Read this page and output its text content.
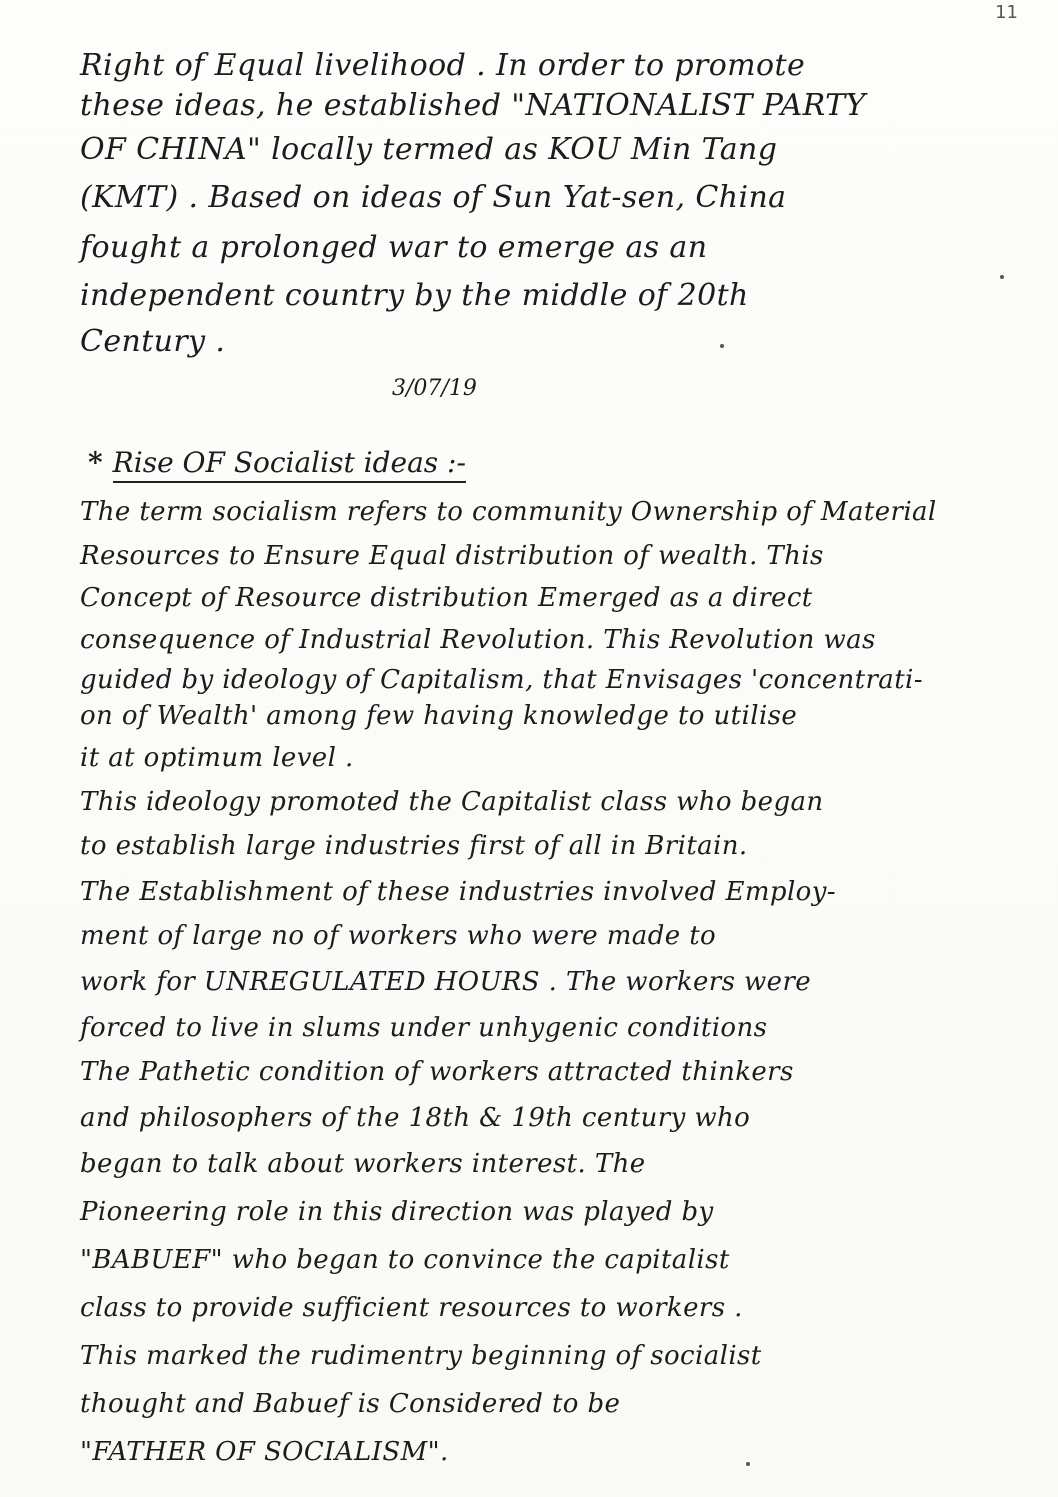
11
Right of Equal livelihood . In order to promote
these ideas, he established "NATIONALIST PARTY
OF CHINA" locally termed as KOU Min Tang
(KMT) . Based on ideas of Sun Yat-sen, China
fought a prolonged war to emerge as an
independent country by the middle of 20th
Century .
3/07/19
* Rise OF Socialist ideas :-
The term socialism refers to community Ownership of Material
Resources to Ensure Equal distribution of wealth. This
Concept of Resource distribution Emerged as a direct
consequence of Industrial Revolution. This Revolution was
guided by ideology of Capitalism, that Envisages 'concentrati-
on of Wealth' among few having knowledge to utilise
it at optimum level .
This ideology promoted the Capitalist class who began
to establish large industries first of all in Britain.
The Establishment of these industries involved Employ-
ment of large no of workers who were made to
work for UNREGULATED HOURS . The workers were
forced to live in slums under unhygenic conditions
The Pathetic condition of workers attracted thinkers
and philosophers of the 18th & 19th century who
began to talk about workers interest. The
Pioneering role in this direction was played by
"BABUEF" who began to convince the capitalist
class to provide sufficient resources to workers .
This marked the rudimentry beginning of socialist
thought and Babuef is Considered to be
"FATHER OF SOCIALISM".
